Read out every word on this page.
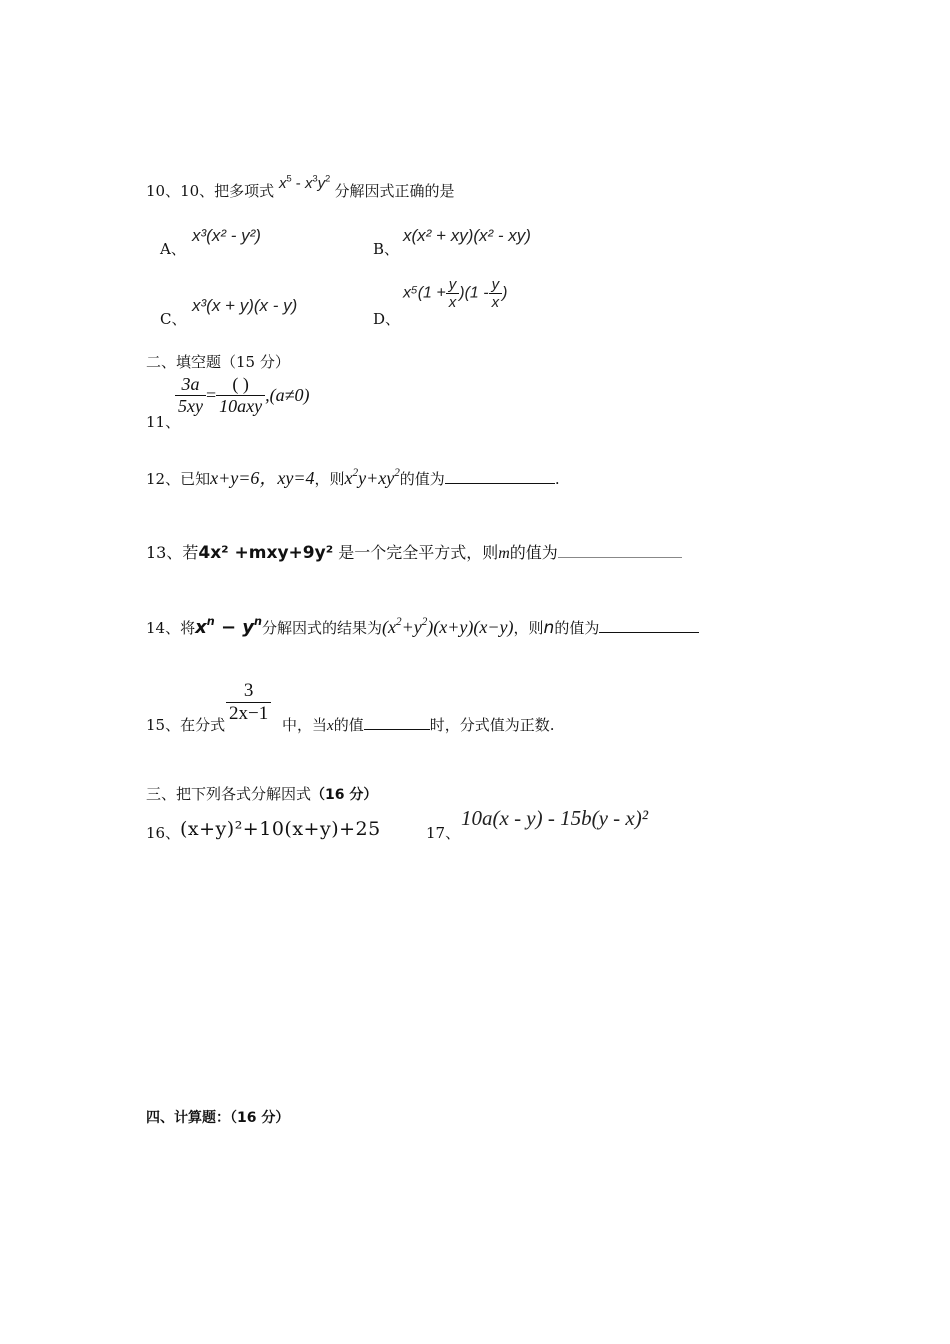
10、10、把多项式 $x^5 - x^3y^2$ 分解因式正确的是
A、
x³(x² - y²)
B、
x(x² + xy)(x² - xy)
C、
x³(x + y)(x - y)
D、
$x^5(1 + \frac{y}{x} )(1 - \frac{y}{x}$ )
二、填空题（15 分）
11、
$\frac{3a}{5xy} = \frac{( )}{\text{10axy}} ,(a\ne 0)$
12、已知x+y=6，xy=4，则$x^2y+xy^2$的值为	.
13、若4x² +mxy+9y² 是一个完全平方式，则m的值为
14、将$x^n - y^n$分解因式的结果为$(x^2+y^2)(x+y)(x-y)$，则n的值为
15、在分式 $\frac{3}{2x-1}$ 中，当x的值	时，分式值为正数.
三、把下列各式分解因式（16 分）
16、 (x+y)²+10(x+y)+25	17、
10a(x - y) - 15b(y - x)²
四、计算题：（16 分）
